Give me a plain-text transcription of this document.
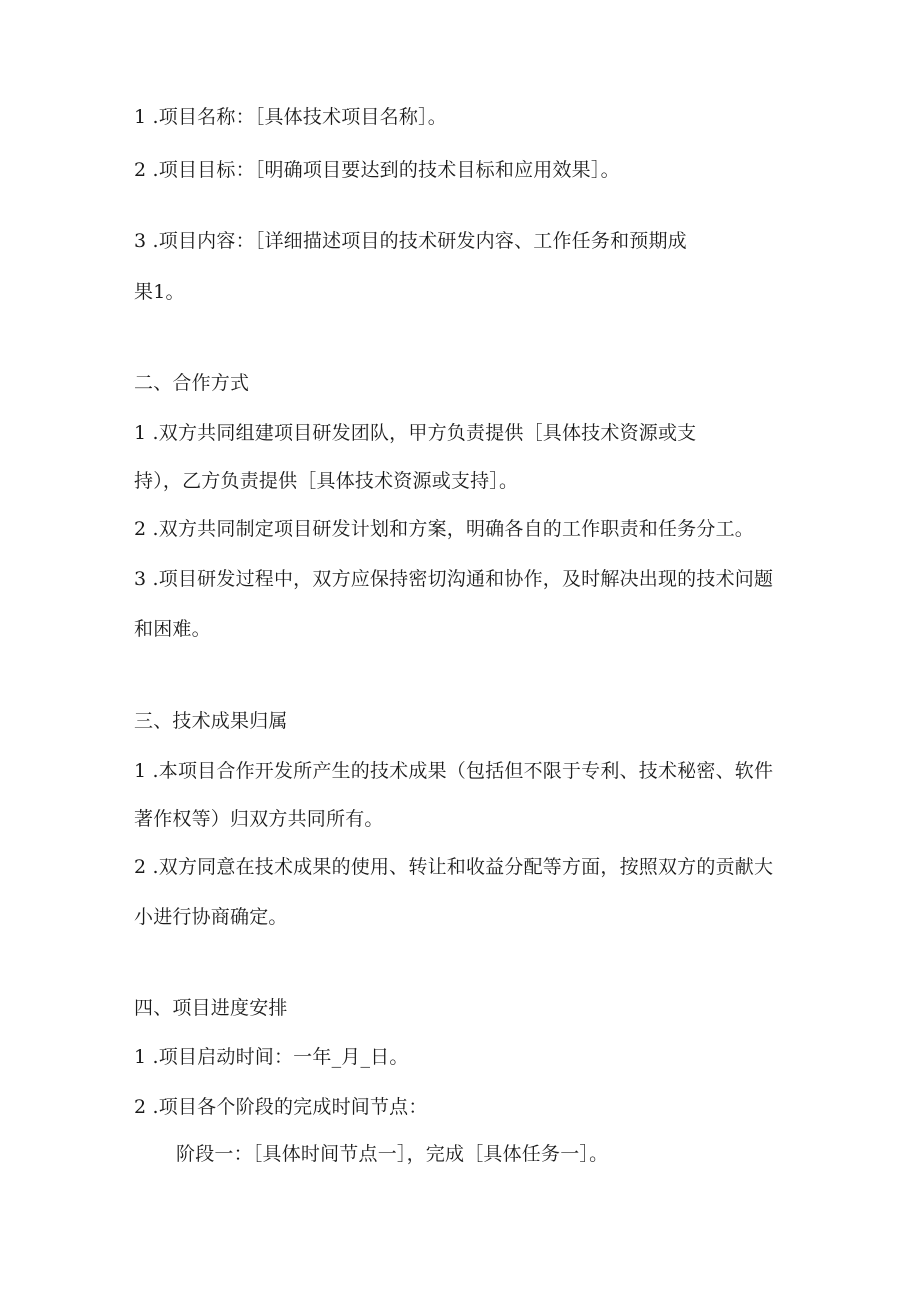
1 .项目名称：［具体技术项目名称］。
2 .项目目标：［明确项目要达到的技术目标和应用效果］。
3 .项目内容：［详细描述项目的技术研发内容、工作任务和预期成
果1。
二、合作方式
1 .双方共同组建项目研发团队，甲方负责提供［具体技术资源或支
持），乙方负责提供［具体技术资源或支持］。
2 .双方共同制定项目研发计划和方案，明确各自的工作职责和任务分工。
3 .项目研发过程中，双方应保持密切沟通和协作，及时解决出现的技术问题
和困难。
三、技术成果归属
1 .本项目合作开发所产生的技术成果（包括但不限于专利、技术秘密、软件
著作权等）归双方共同所有。
2 .双方同意在技术成果的使用、转让和收益分配等方面，按照双方的贡献大
小进行协商确定。
四、项目进度安排
1 .项目启动时间：一年_月_日。
2 .项目各个阶段的完成时间节点：
阶段一：［具体时间节点一］，完成［具体任务一］。
